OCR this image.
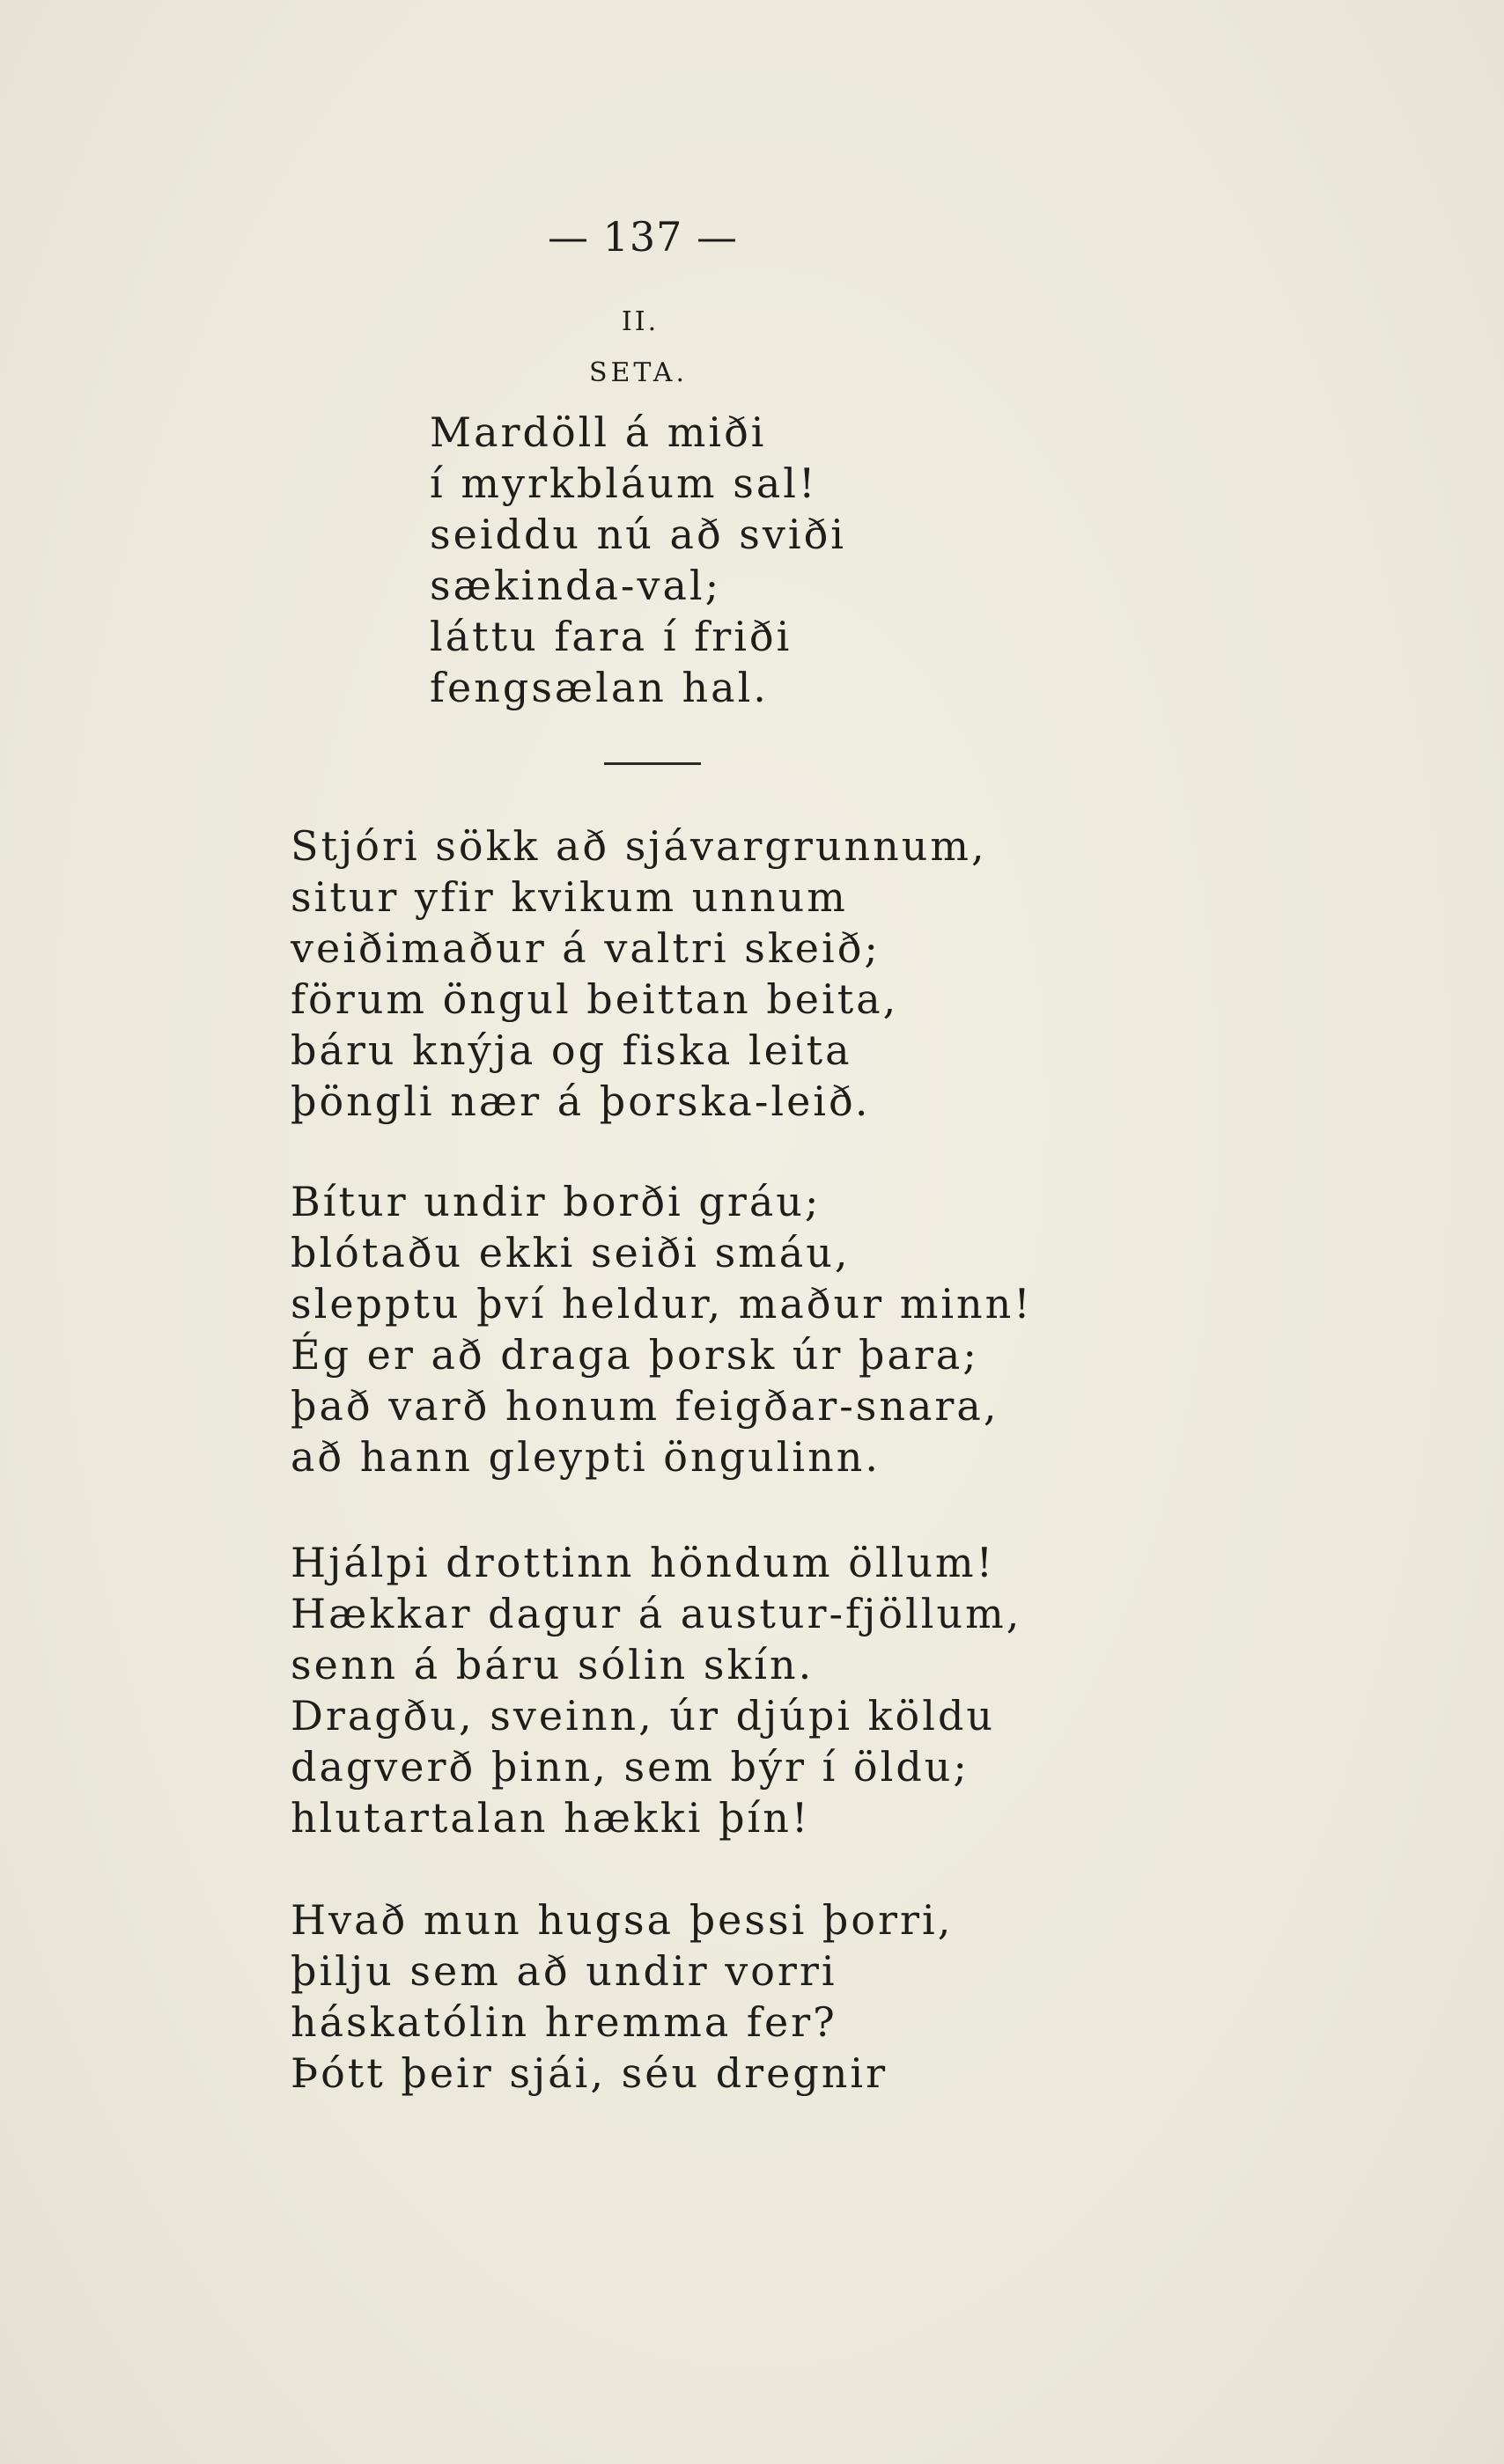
— 137 —
II.
SETA.
Mardöll á miði
í myrkbláum sal!
seiddu nú að sviði
sækinda-val;
láttu fara í friði
fengsælan hal.
Stjóri sökk að sjávargrunnum,
situr yfir kvikum unnum
veiðimaður á valtri skeið;
förum öngul beittan beita,
báru knýja og fiska leita
þöngli nær á þorska-leið.
Bítur undir borði gráu;
blótaðu ekki seiði smáu,
slepptu því heldur, maður minn!
Ég er að draga þorsk úr þara;
það varð honum feigðar-snara,
að hann gleypti öngulinn.
Hjálpi drottinn höndum öllum!
Hækkar dagur á austur-fjöllum,
senn á báru sólin skín.
Dragðu, sveinn, úr djúpi köldu
dagverð þinn, sem býr í öldu;
hlutartalan hækki þín!
Hvað mun hugsa þessi þorri,
þilju sem að undir vorri
háskatólin hremma fer?
Þótt þeir sjái, séu dregnir
